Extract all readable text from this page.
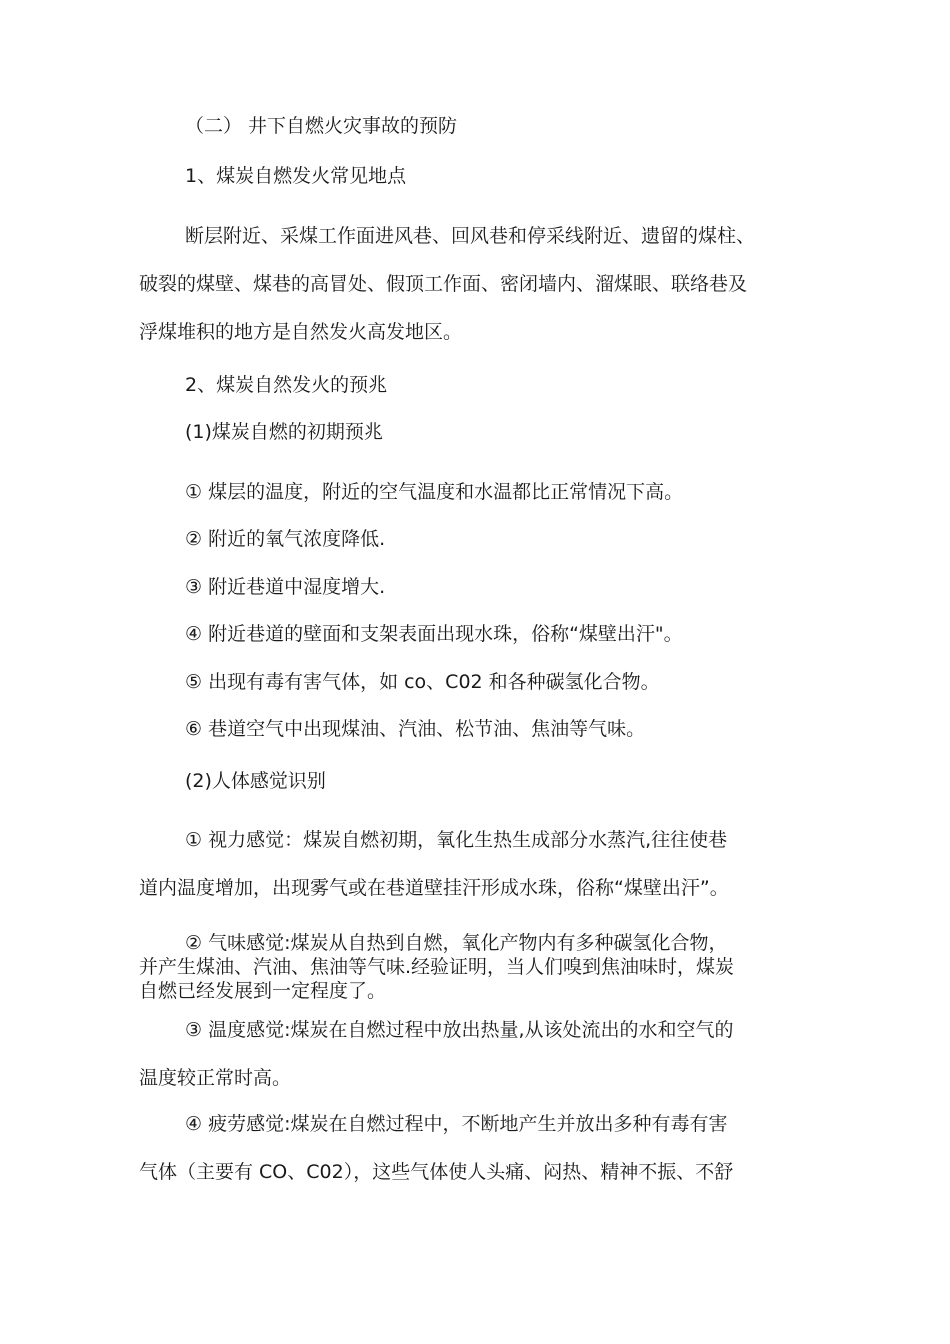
（二） 井下自燃火灾事故的预防

1、煤炭自燃发火常见地点

断层附近、采煤工作面进风巷、回风巷和停采线附近、遗留的煤柱、

破裂的煤壁、煤巷的高冒处、假顶工作面、密闭墙内、溜煤眼、联络巷及

浮煤堆积的地方是自然发火高发地区。

2、煤炭自然发火的预兆

(1)煤炭自燃的初期预兆

① 煤层的温度，附近的空气温度和水温都比正常情况下高。

② 附近的氧气浓度降低.

③ 附近巷道中湿度增大.

④ 附近巷道的壁面和支架表面出现水珠，俗称“煤壁出汗"。

⑤ 出现有毒有害气体，如 co、C02 和各种碳氢化合物。

⑥ 巷道空气中出现煤油、汽油、松节油、焦油等气味。

(2)人体感觉识别

① 视力感觉：煤炭自燃初期，氧化生热生成部分水蒸汽,往往使巷

道内温度增加，出现雾气或在巷道壁挂汗形成水珠，俗称“煤壁出汗”。

② 气味感觉:煤炭从自热到自燃，氧化产物内有多种碳氢化合物，

并产生煤油、汽油、焦油等气味.经验证明，当人们嗅到焦油味时，煤炭

自燃已经发展到一定程度了。

③ 温度感觉:煤炭在自燃过程中放出热量,从该处流出的水和空气的

温度较正常时高。

④ 疲劳感觉:煤炭在自燃过程中，不断地产生并放出多种有毒有害

气体（主要有 CO、C02），这些气体使人头痛、闷热、精神不振、不舒
